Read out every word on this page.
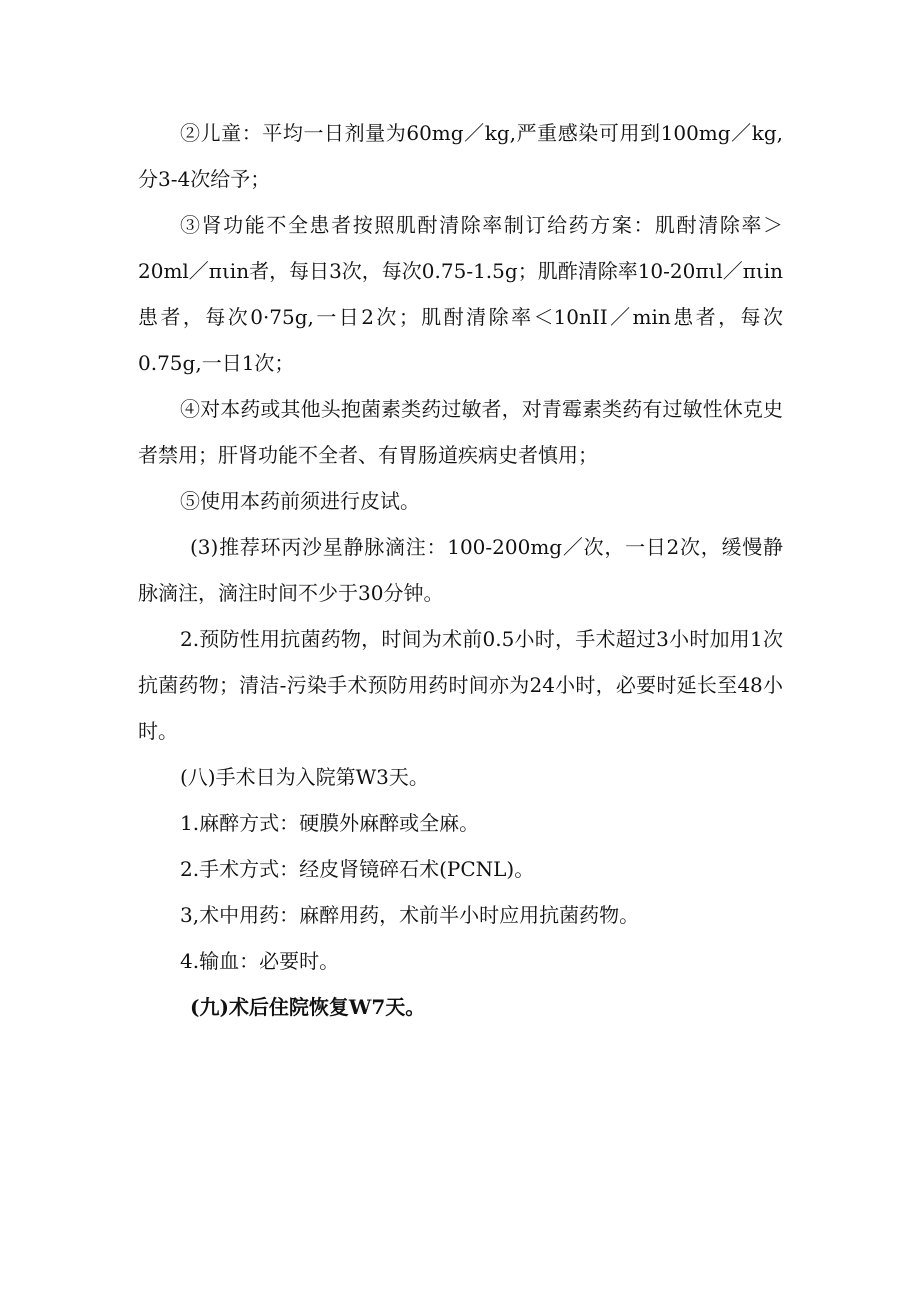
②儿童：平均一日剂量为60mg／kg,严重感染可用到100mg／kg,分3-4次给予；

③肾功能不全患者按照肌酎清除率制订给药方案：肌酎清除率＞20ml／πιin者，每日3次，每次0.75-1.5g；肌酢清除率10-20πιl／πιin患者，每次0·75g,一日2次；肌酎清除率＜10nII／min患者，每次0.75g,一日1次；

④对本药或其他头抱菌素类药过敏者，对青霉素类药有过敏性休克史者禁用；肝肾功能不全者、有胃肠道疾病史者慎用；

⑤使用本药前须进行皮试。

(3)推荐环丙沙星静脉滴注：100-200mg／次，一日2次，缓慢静脉滴注，滴注时间不少于30分钟。

2.预防性用抗菌药物，时间为术前0.5小时，手术超过3小时加用1次抗菌药物；清洁-污染手术预防用药时间亦为24小时，必要时延长至48小时。

(八)手术日为入院第W3天。

1.麻醉方式：硬膜外麻醉或全麻。

2.手术方式：经皮肾镜碎石术(PCNL)。

3,术中用药：麻醉用药，术前半小时应用抗菌药物。

4.输血：必要时。

(九)术后住院恢复W7天。
